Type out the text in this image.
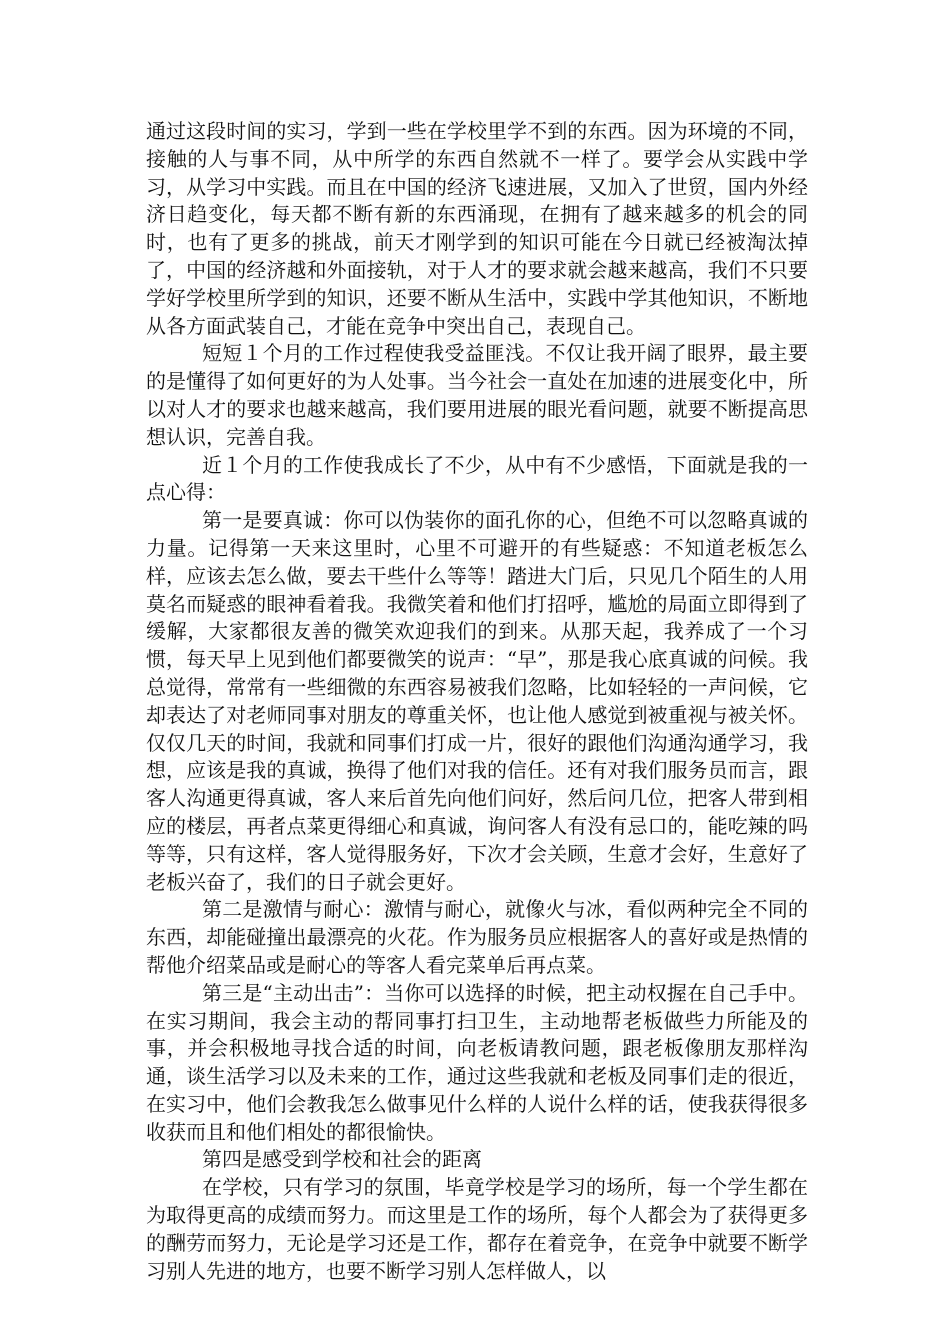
通过这段时间的实习，学到一些在学校里学不到的东西。因为环境的不同，接触的人与事不同，从中所学的东西自然就不一样了。要学会从实践中学习，从学习中实践。而且在中国的经济飞速进展，又加入了世贸，国内外经济日趋变化，每天都不断有新的东西涌现，在拥有了越来越多的机会的同时，也有了更多的挑战，前天才刚学到的知识可能在今日就已经被淘汰掉了，中国的经济越和外面接轨，对于人才的要求就会越来越高，我们不只要学好学校里所学到的知识，还要不断从生活中，实践中学其他知识，不断地从各方面武装自己，才能在竞争中突出自己，表现自己。

短短１个月的工作过程使我受益匪浅。不仅让我开阔了眼界，最主要的是懂得了如何更好的为人处事。当今社会一直处在加速的进展变化中，所以对人才的要求也越来越高，我们要用进展的眼光看问题，就要不断提高思想认识，完善自我。

近１个月的工作使我成长了不少，从中有不少感悟，下面就是我的一点心得：

第一是要真诚：你可以伪装你的面孔你的心，但绝不可以忽略真诚的力量。记得第一天来这里时，心里不可避开的有些疑惑：不知道老板怎么样，应该去怎么做，要去干些什么等等！踏进大门后，只见几个陌生的人用莫名而疑惑的眼神看着我。我微笑着和他们打招呼，尴尬的局面立即得到了缓解，大家都很友善的微笑欢迎我们的到来。从那天起，我养成了一个习惯，每天早上见到他们都要微笑的说声：“早”，那是我心底真诚的问候。我总觉得，常常有一些细微的东西容易被我们忽略，比如轻轻的一声问候，它却表达了对老师同事对朋友的尊重关怀，也让他人感觉到被重视与被关怀。仅仅几天的时间，我就和同事们打成一片，很好的跟他们沟通沟通学习，我想，应该是我的真诚，换得了他们对我的信任。还有对我们服务员而言，跟客人沟通更得真诚，客人来后首先向他们问好，然后问几位，把客人带到相应的楼层，再者点菜更得细心和真诚，询问客人有没有忌口的，能吃辣的吗等等，只有这样，客人觉得服务好，下次才会关顾，生意才会好，生意好了老板兴奋了，我们的日子就会更好。

第二是激情与耐心：激情与耐心，就像火与冰，看似两种完全不同的东西，却能碰撞出最漂亮的火花。作为服务员应根据客人的喜好或是热情的帮他介绍菜品或是耐心的等客人看完菜单后再点菜。

第三是“主动出击”：当你可以选择的时候，把主动权握在自己手中。在实习期间，我会主动的帮同事打扫卫生，主动地帮老板做些力所能及的事，并会积极地寻找合适的时间，向老板请教问题，跟老板像朋友那样沟通，谈生活学习以及未来的工作，通过这些我就和老板及同事们走的很近，在实习中，他们会教我怎么做事见什么样的人说什么样的话，使我获得很多收获而且和他们相处的都很愉快。

第四是感受到学校和社会的距离

在学校，只有学习的氛围，毕竟学校是学习的场所，每一个学生都在为取得更高的成绩而努力。而这里是工作的场所，每个人都会为了获得更多的酬劳而努力，无论是学习还是工作，都存在着竞争，在竞争中就要不断学习别人先进的地方，也要不断学习别人怎样做人，以
